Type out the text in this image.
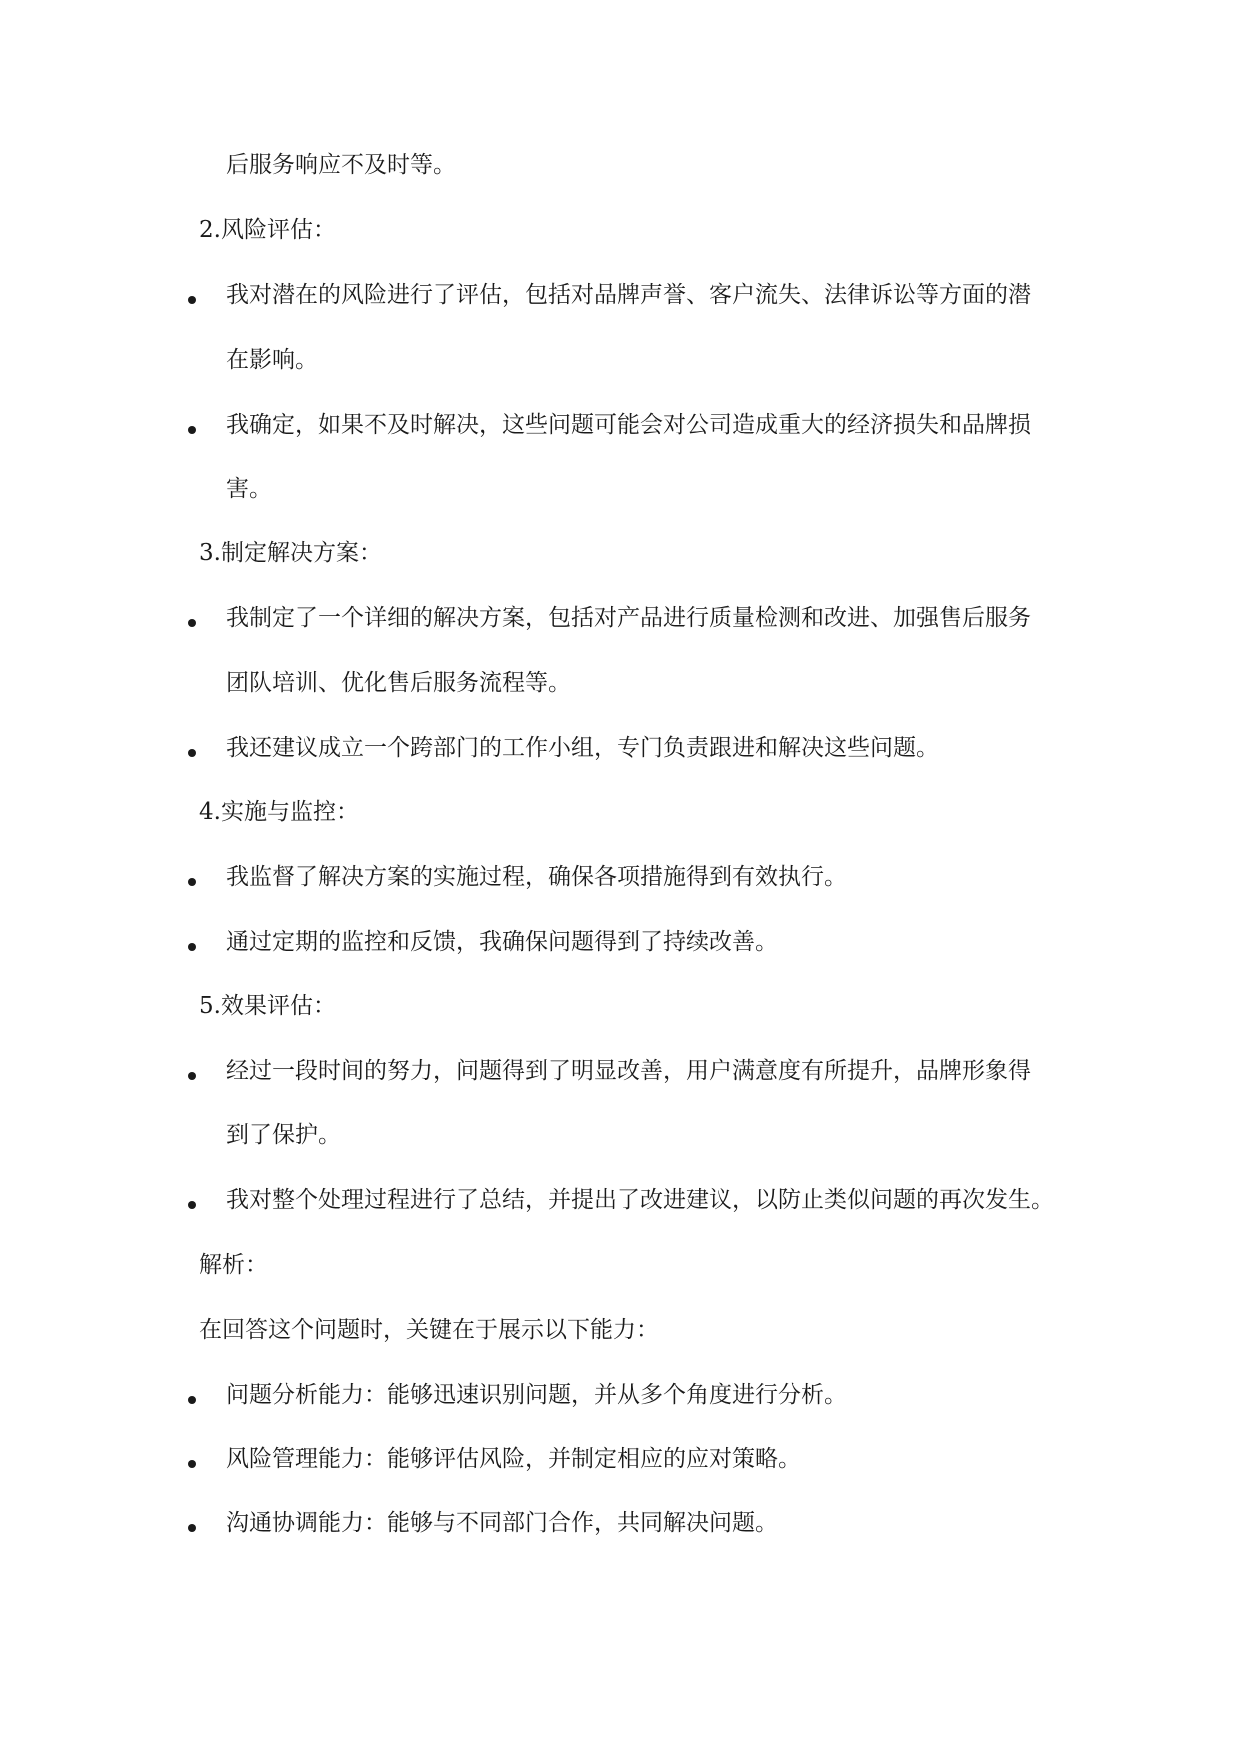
后服务响应不及时等。
2.风险评估：
我对潜在的风险进行了评估，包括对品牌声誉、客户流失、法律诉讼等方面的潜
在影响。
我确定，如果不及时解决，这些问题可能会对公司造成重大的经济损失和品牌损
害。
3.制定解决方案：
我制定了一个详细的解决方案，包括对产品进行质量检测和改进、加强售后服务
团队培训、优化售后服务流程等。
我还建议成立一个跨部门的工作小组，专门负责跟进和解决这些问题。
4.实施与监控：
我监督了解决方案的实施过程，确保各项措施得到有效执行。
通过定期的监控和反馈，我确保问题得到了持续改善。
5.效果评估：
经过一段时间的努力，问题得到了明显改善，用户满意度有所提升，品牌形象得
到了保护。
我对整个处理过程进行了总结，并提出了改进建议，以防止类似问题的再次发生。
解析：
在回答这个问题时，关键在于展示以下能力：
问题分析能力：能够迅速识别问题，并从多个角度进行分析。
风险管理能力：能够评估风险，并制定相应的应对策略。
沟通协调能力：能够与不同部门合作，共同解决问题。
